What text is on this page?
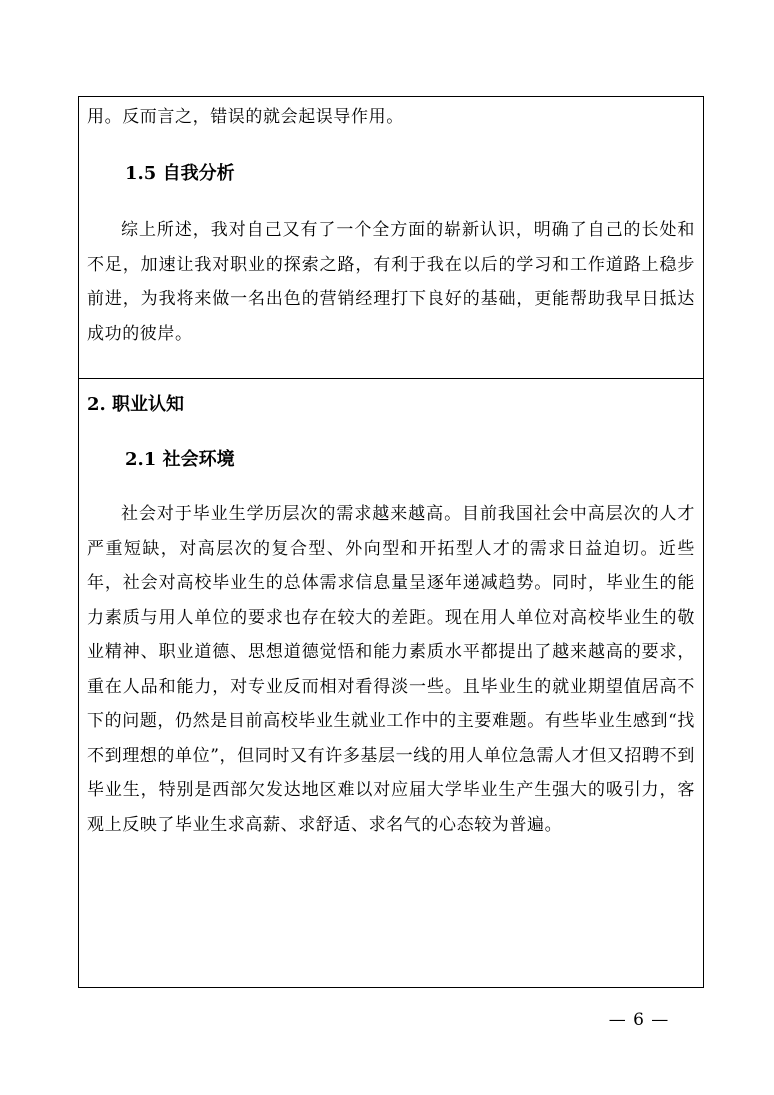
用。反而言之，错误的就会起误导作用。

1.5 自我分析

综上所述，我对自己又有了一个全方面的崭新认识，明确了自己的长处和不足，加速让我对职业的探索之路，有利于我在以后的学习和工作道路上稳步前进，为我将来做一名出色的营销经理打下良好的基础，更能帮助我早日抵达成功的彼岸。

2. 职业认知
2.1 社会环境

社会对于毕业生学历层次的需求越来越高。目前我国社会中高层次的人才严重短缺，对高层次的复合型、外向型和开拓型人才的需求日益迫切。近些年，社会对高校毕业生的总体需求信息量呈逐年递减趋势。同时，毕业生的能力素质与用人单位的要求也存在较大的差距。现在用人单位对高校毕业生的敬业精神、职业道德、思想道德觉悟和能力素质水平都提出了越来越高的要求，重在人品和能力，对专业反而相对看得淡一些。且毕业生的就业期望值居高不下的问题，仍然是目前高校毕业生就业工作中的主要难题。有些毕业生感到“找不到理想的单位”，但同时又有许多基层一线的用人单位急需人才但又招聘不到毕业生，特别是西部欠发达地区难以对应届大学毕业生产生强大的吸引力，客观上反映了毕业生求高薪、求舒适、求名气的心态较为普遍。

— 6 —
